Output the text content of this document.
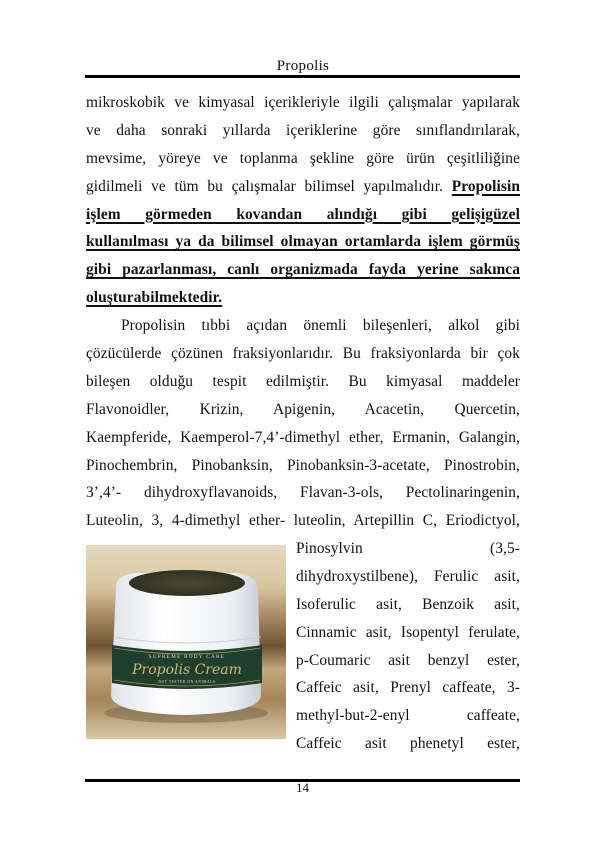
Propolis
mikroskobik ve kimyasal içerikleriyle ilgili çalışmalar yapılarak
ve daha sonraki yıllarda içeriklerine göre sınıflandırılarak,
mevsime, yöreye ve toplanma şekline göre ürün çeşitliliğine
gidilmeli ve tüm bu çalışmalar bilimsel yapılmalıdır. Propolisin
işlem görmeden kovandan alındığı gibi gelişigüzel
kullanılması ya da bilimsel olmayan ortamlarda işlem görmüş
gibi pazarlanması, canlı organizmada fayda yerine sakınca
oluşturabilmektedir.
Propolisin tıbbi açıdan önemli bileşenleri, alkol gibi
çözücülerde çözünen fraksiyonlarıdır. Bu fraksiyonlarda bir çok
bileşen olduğu tespit edilmiştir. Bu kimyasal maddeler
Flavonoidler, Krizin, Apigenin, Acacetin, Quercetin,
Kaempferide, Kaemperol-7,4’-dimethyl ether, Ermanin, Galangin,
Pinochembrin, Pinobanksin, Pinobanksin-3-acetate, Pinostrobin,
3’,4’- dihydroxyflavanoids, Flavan-3-ols, Pectolinaringenin,
Luteolin, 3, 4-dimethyl ether- luteolin, Artepillin C, Eriodictyol,
Pinosylvin (3,5-
dihydroxystilbene), Ferulic asit,
Isoferulic asit, Benzoik asit,
Cinnamic asit, Isopentyl ferulate,
p-Coumaric asit benzyl ester,
Caffeic asit, Prenyl caffeate, 3-
methyl-but-2-enyl caffeate,
Caffeic asit phenetyl ester,
SUPREME BODY CARE
Propolis Cream
NOT TESTED ON ANIMALS
14
